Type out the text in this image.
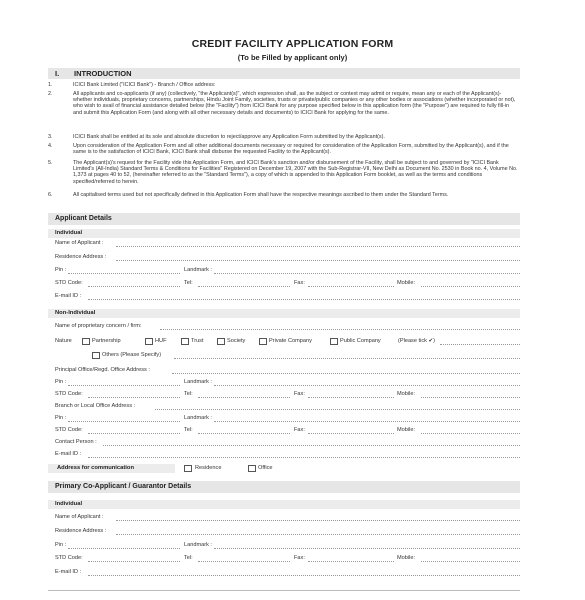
CREDIT FACILITY APPLICATION FORM
(To be Filled by applicant only)
I. INTRODUCTION
1.	ICICI Bank Limited ("ICICI Bank") - Branch / Office address:
2.	All applicants and co-applicants (if any) (collectively, "the Applicant(s)", which expression shall, as the subject or context may admit or require, mean any or each of the Applicant(s)- whether individuals, proprietary concerns, partnerships, Hindu Joint Family, societies, trusts or private/public companies or any other bodies or associations (whether incorporated or not), who wish to avail of financial assistance detailed below (the "Facility") from ICICI Bank for any purpose specified below in this application form (the "Purpose") are required to fully fill-in and submit this Application Form (and along with all other necessary details and documents) to ICICI Bank for applying for the same.
3.	ICICI Bank shall be entitled at its sole and absolute discretion to reject/approve any Application Form submitted by the Applicant(s).
4.	Upon consideration of the Application Form and all other additional documents necessary or required for consideration of the Application Form, submitted by the Applicant(s), and if the same is to the satisfaction of ICICI Bank, ICICI Bank shall disburse the requested Facility to the Applicant(s).
5.	The Applicant(s)'s request for the Facility vide this Application Form, and ICICI Bank's sanction and/or disbursement of the Facility, shall be subject to and governed by "ICICI Bank Limited's (All-India) Standard Terms & Conditions for Facilities" Registered on December 19, 2007 with the Sub-Registrar-VII, New Delhi as Document No. 2530 in Book no. 4, Volume No. 1,373 at pages 40 to 52, (hereinafter referred to as the "Standard Terms"), a copy of which is appended to this Application Form booklet, as well as the terms and conditions specified/referred to herein.
6.	All capitalised terms used but not specifically defined in this Application Form shall have the respective meanings ascribed to them under the Standard Terms.
Applicant Details
Individual
Name of Applicant :
Residence Address :
Pin :	Landmark :
STD Code:	Tel:	Fax:	Mobile:
E-mail ID :
Non-Individual
Name of proprietary concern / firm:
Nature	Partnership	HUF	Trust	Society	Private Company	Public Company	(Please tick ✔)
Others (Please Specify)
Principal Office/Regd. Office Address :
Pin :	Landmark :
STD Code:	Tel:	Fax:	Mobile:
Branch or Local Office Address :
Pin :	Landmark :
STD Code:	Tel:	Fax:	Mobile:
Contact Person :
E-mail ID :
Address for communication	Residence	Office
Primary Co-Applicant / Guarantor Details
Individual
Name of Applicant :
Residence Address :
Pin :	Landmark :
STD Code:	Tel:	Fax:	Mobile:
E-mail ID :
